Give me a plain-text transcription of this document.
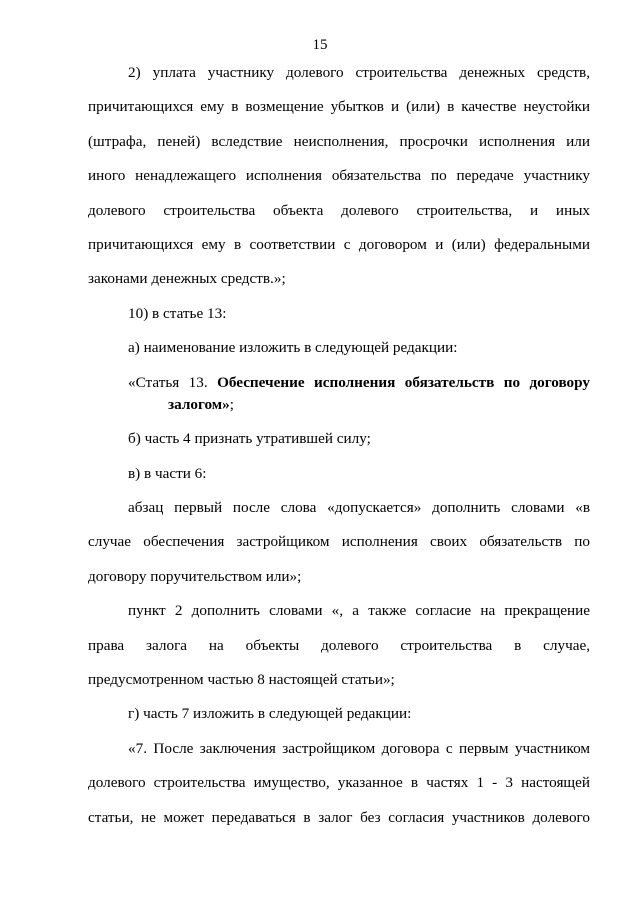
15
2) уплата участнику долевого строительства денежных средств,
причитающихся ему в возмещение убытков и (или) в качестве неустойки
(штрафа, пеней) вследствие неисполнения, просрочки исполнения или
иного ненадлежащего исполнения обязательства по передаче участнику
долевого строительства объекта долевого строительства, и иных
причитающихся ему в соответствии с договором и (или) федеральными
законами денежных средств.»;
10) в статье 13:
а) наименование изложить в следующей редакции:
«Статья 13. Обеспечение исполнения обязательств по договору
залогом»;
б) часть 4 признать утратившей силу;
в) в части 6:
абзац первый после слова «допускается» дополнить словами «в
случае обеспечения застройщиком исполнения своих обязательств по
договору поручительством или»;
пункт 2 дополнить словами «, а также согласие на прекращение
права залога на объекты долевого строительства в случае,
предусмотренном частью 8 настоящей статьи»;
г) часть 7 изложить в следующей редакции:
«7. После заключения застройщиком договора с первым участником
долевого строительства имущество, указанное в частях 1 - 3 настоящей
статьи, не может передаваться в залог без согласия участников долевого
